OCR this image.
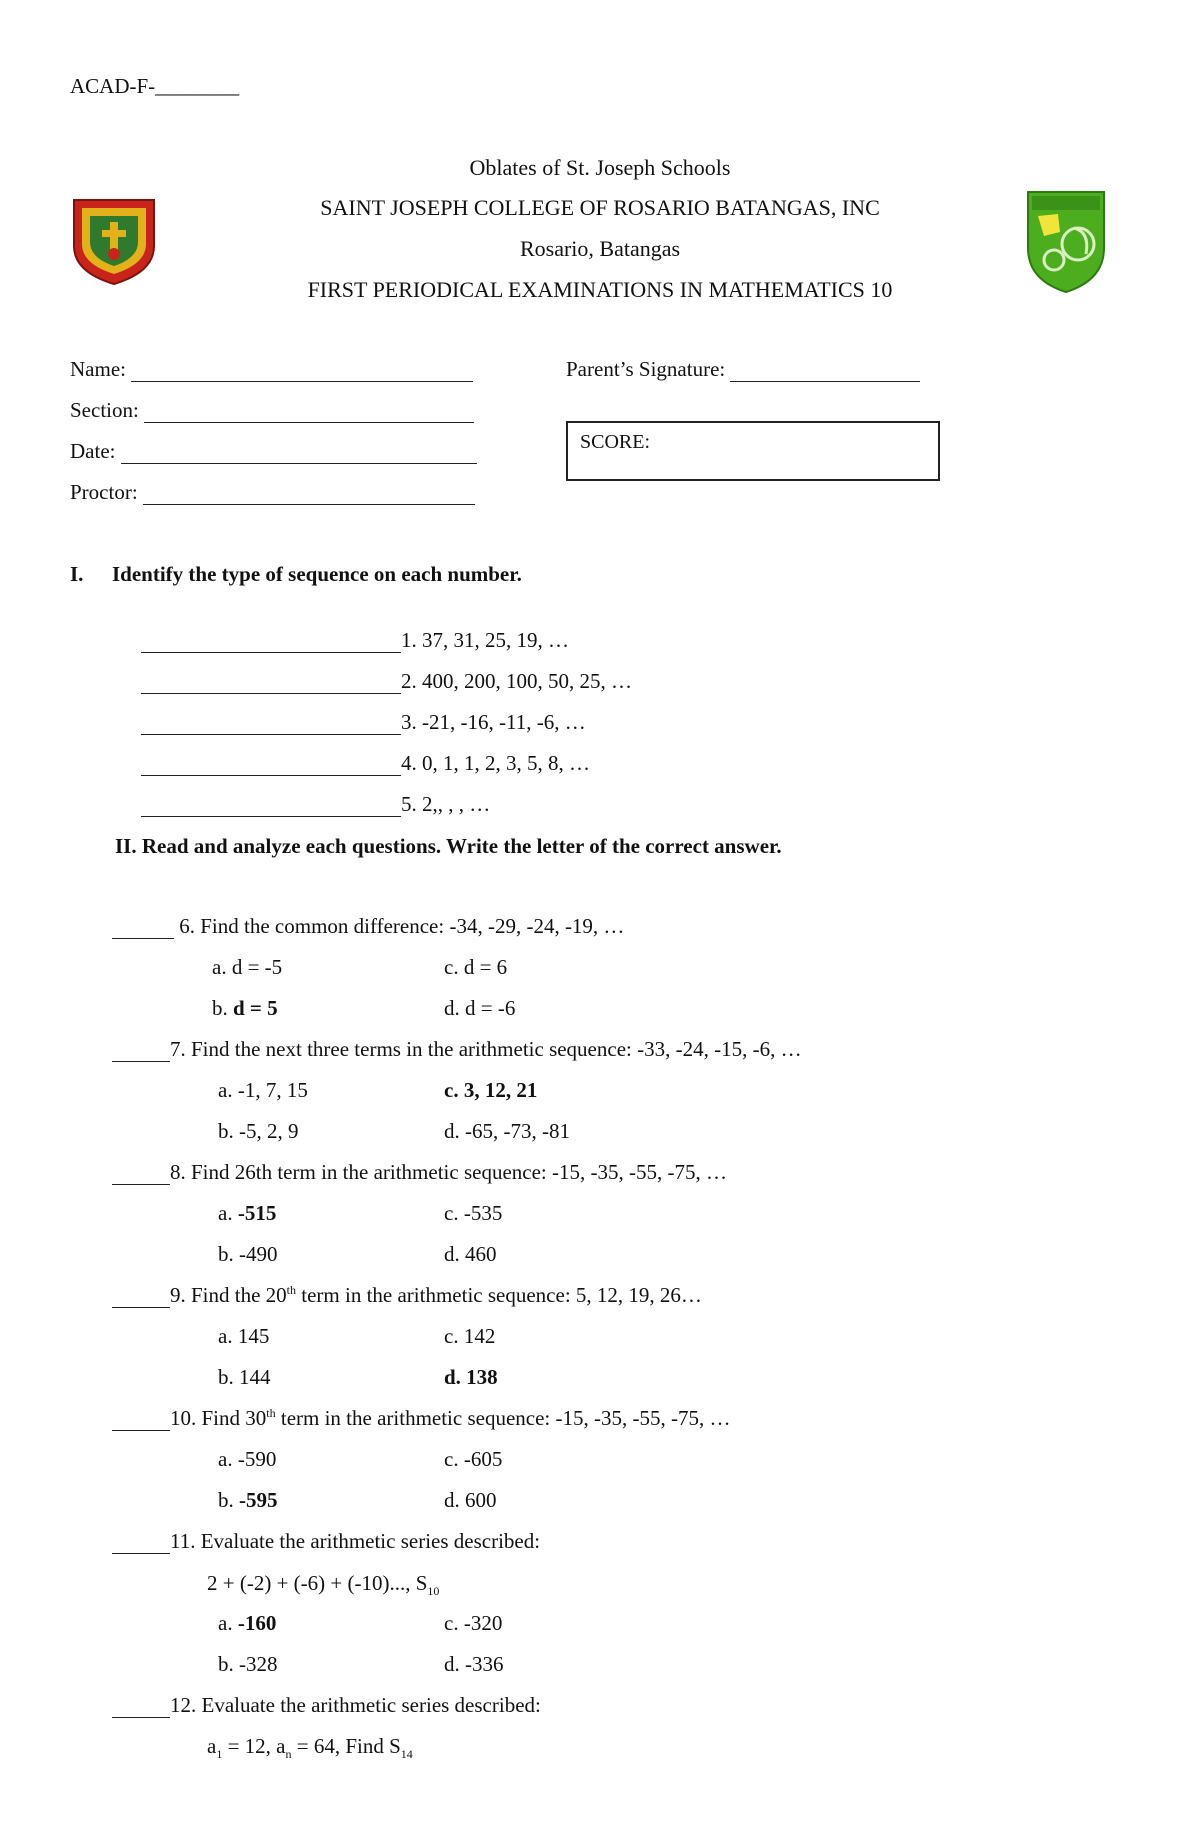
ACAD-F-________
Oblates of St. Joseph Schools
SAINT JOSEPH COLLEGE OF ROSARIO BATANGAS, INC
Rosario, Batangas
FIRST PERIODICAL EXAMINATIONS IN MATHEMATICS 10
Name:
Section:
Date:
Proctor:
Parent’s Signature:
SCORE:
I. Identify the type of sequence on each number.
1. 37, 31, 25, 19, …
2. 400, 200, 100, 50, 25, …
3. -21, -16, -11, -6, …
4. 0, 1, 1, 2, 3, 5, 8, …
5. 2,, , , …
II. Read and analyze each questions. Write the letter of the correct answer.
6. Find the common difference: -34, -29, -24, -19, …
a. d = -5	c. d = 6
b. d = 5	d. d = -6
7. Find the next three terms in the arithmetic sequence: -33, -24, -15, -6, …
a. -1, 7, 15	c. 3, 12, 21
b. -5, 2, 9	d. -65, -73, -81
8. Find 26th term in the arithmetic sequence: -15, -35, -55, -75, …
a. -515	c. -535
b. -490	d. 460
9. Find the 20th term in the arithmetic sequence: 5, 12, 19, 26…
a. 145	c. 142
b. 144	d. 138
10. Find 30th term in the arithmetic sequence: -15, -35, -55, -75, …
a. -590	c. -605
b. -595	d. 600
11. Evaluate the arithmetic series described:
2 + (-2) + (-6) + (-10)..., $S_{10}$
a. -160	c. -320
b. -328	d. -336
12. Evaluate the arithmetic series described:
$a_1 = 12$, $a_n = 64$, Find $S_{14}$
